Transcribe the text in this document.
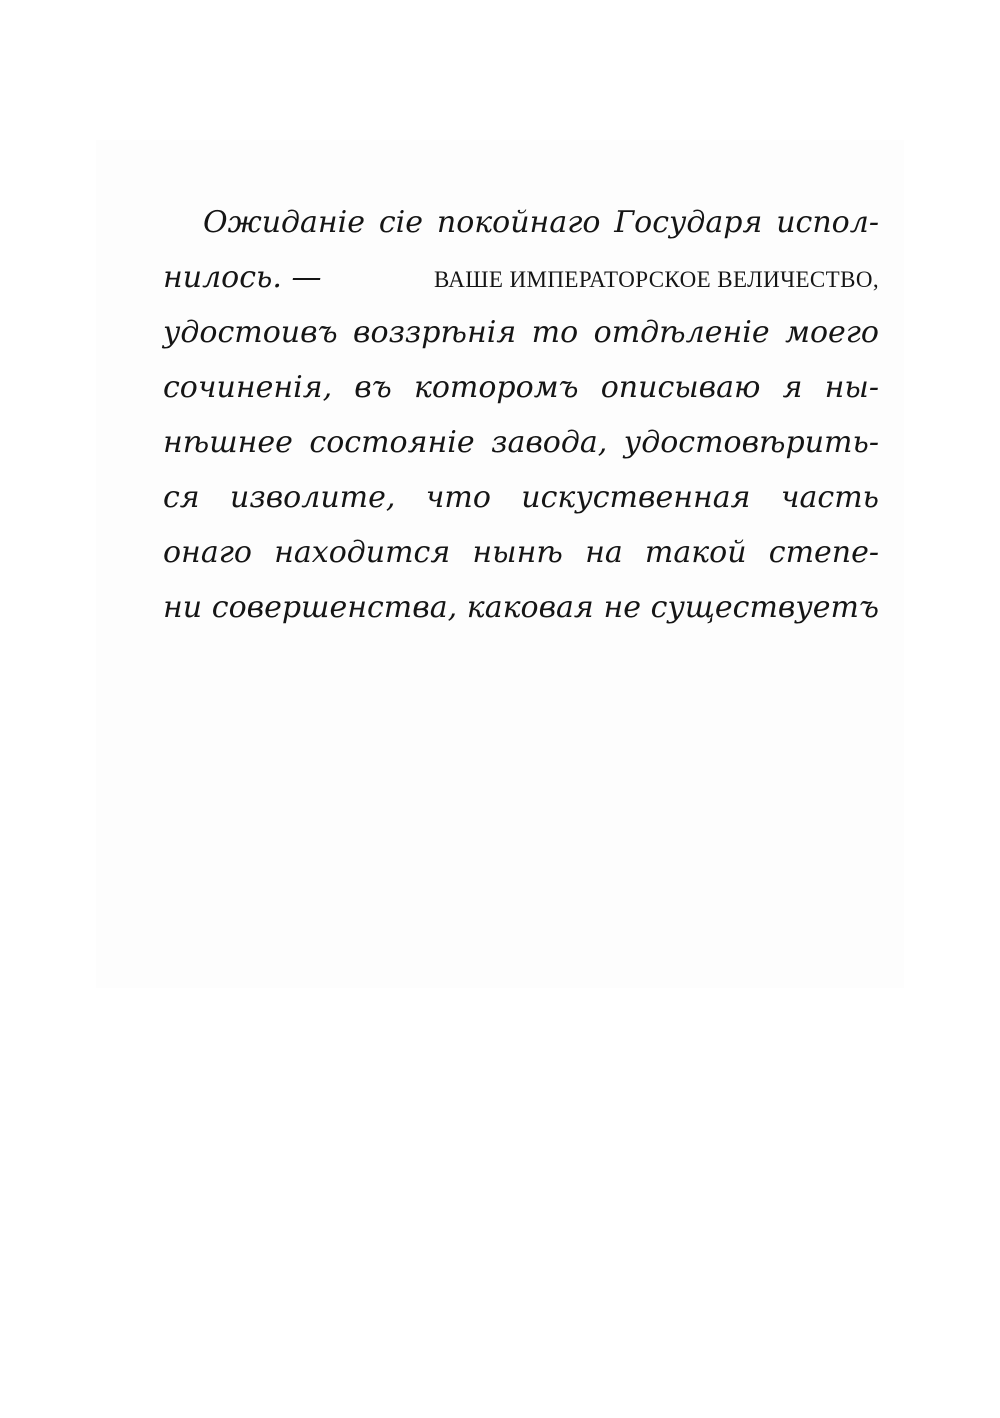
Ожиданіе сіе покойнаго Государя испол-
нилось. —	ВАШЕ ИМПЕРАТОРСКОЕ ВЕЛИЧЕСТВО,
удостоивъ воззрѣнія то отдѣленіе моего
сочиненія, въ которомъ описываю я ны-
нѣшнее состояніе завода, удостовѣрить-
ся изволите, что искуственная часть
онаго находится нынѣ на такой степе-
ни совершенства, каковая не существуетъ
